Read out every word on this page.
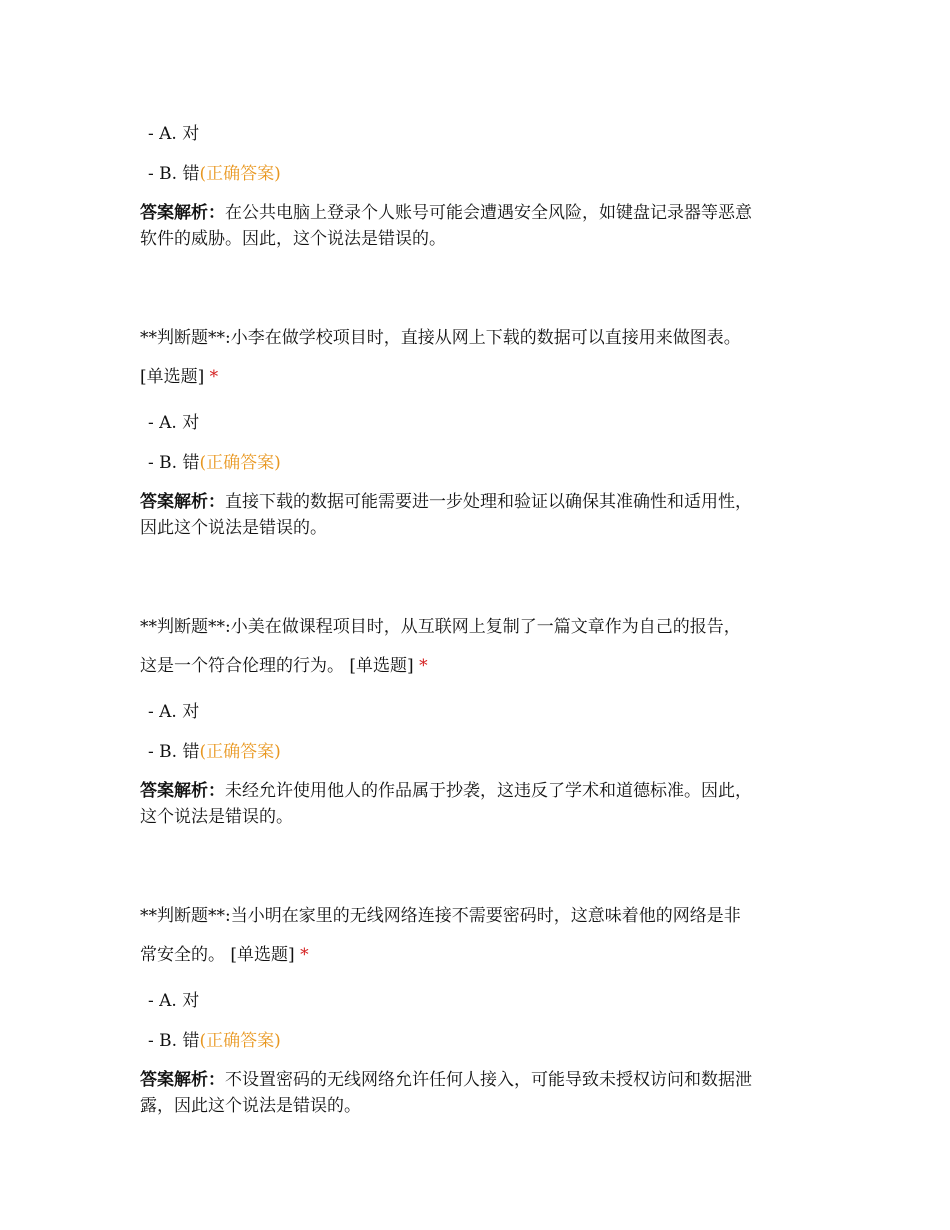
- A. 对
- B. 错(正确答案)
答案解析：在公共电脑上登录个人账号可能会遭遇安全风险，如键盘记录器等恶意
软件的威胁。因此，这个说法是错误的。
**判断题**:小李在做学校项目时，直接从网上下载的数据可以直接用来做图表。
[单选题] *
- A. 对
- B. 错(正确答案)
答案解析：直接下载的数据可能需要进一步处理和验证以确保其准确性和适用性，
因此这个说法是错误的。
**判断题**:小美在做课程项目时，从互联网上复制了一篇文章作为自己的报告，
这是一个符合伦理的行为。 [单选题] *
- A. 对
- B. 错(正确答案)
答案解析：未经允许使用他人的作品属于抄袭，这违反了学术和道德标准。因此，
这个说法是错误的。
**判断题**:当小明在家里的无线网络连接不需要密码时，这意味着他的网络是非
常安全的。 [单选题] *
- A. 对
- B. 错(正确答案)
答案解析：不设置密码的无线网络允许任何人接入，可能导致未授权访问和数据泄
露，因此这个说法是错误的。
